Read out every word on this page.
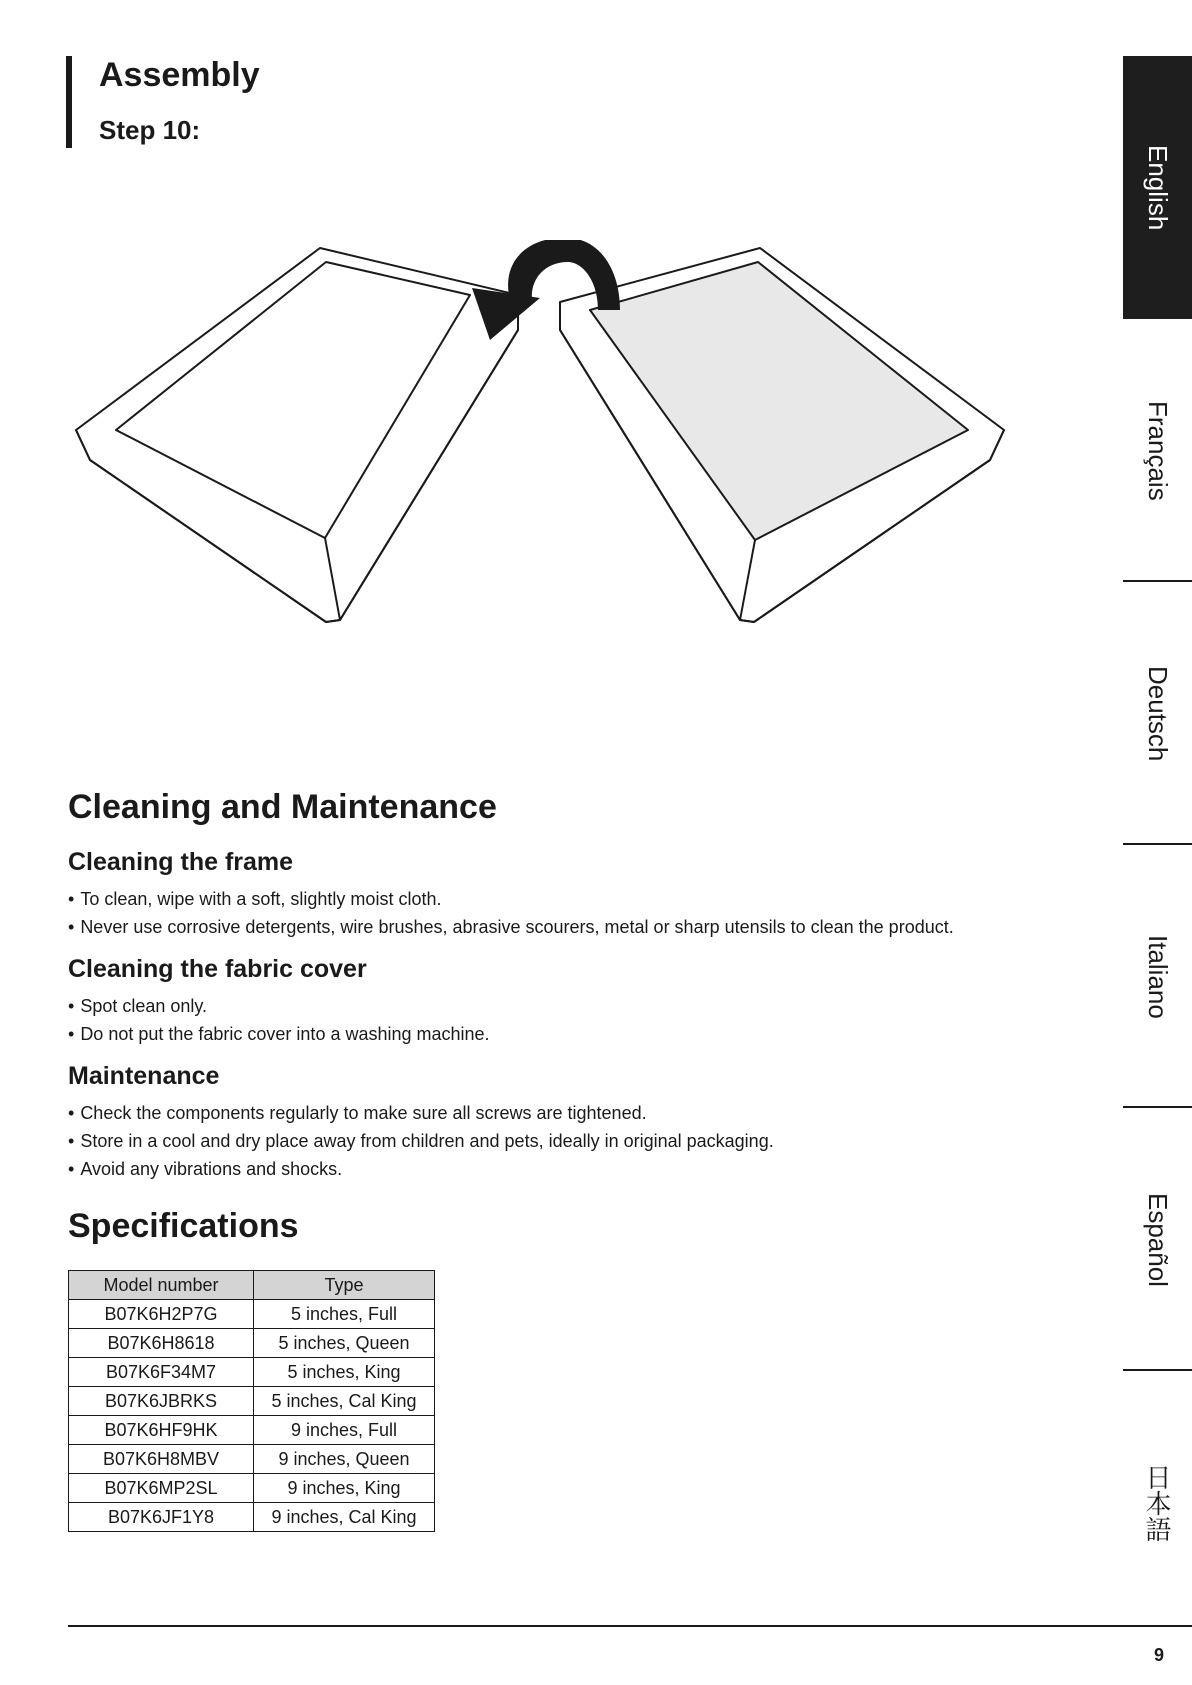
Assembly
Step 10:
Cleaning and Maintenance
Cleaning the frame
• To clean, wipe with a soft, slightly moist cloth.
• Never use corrosive detergents, wire brushes, abrasive scourers, metal or sharp utensils to clean the product.
Cleaning the fabric cover
• Spot clean only.
• Do not put the fabric cover into a washing machine.
Maintenance
• Check the components regularly to make sure all screws are tightened.
• Store in a cool and dry place away from children and pets, ideally in original packaging.
• Avoid any vibrations and shocks.
Specifications
Model number	Type
B07K6H2P7G	5 inches, Full
B07K6H8618	5 inches, Queen
B07K6F34M7	5 inches, King
B07K6JBRKS	5 inches, Cal King
B07K6HF9HK	9 inches, Full
B07K6H8MBV	9 inches, Queen
B07K6MP2SL	9 inches, King
B07K6JF1Y8	9 inches, Cal King
English
Français
Deutsch
Italiano
Español
日本語
9
